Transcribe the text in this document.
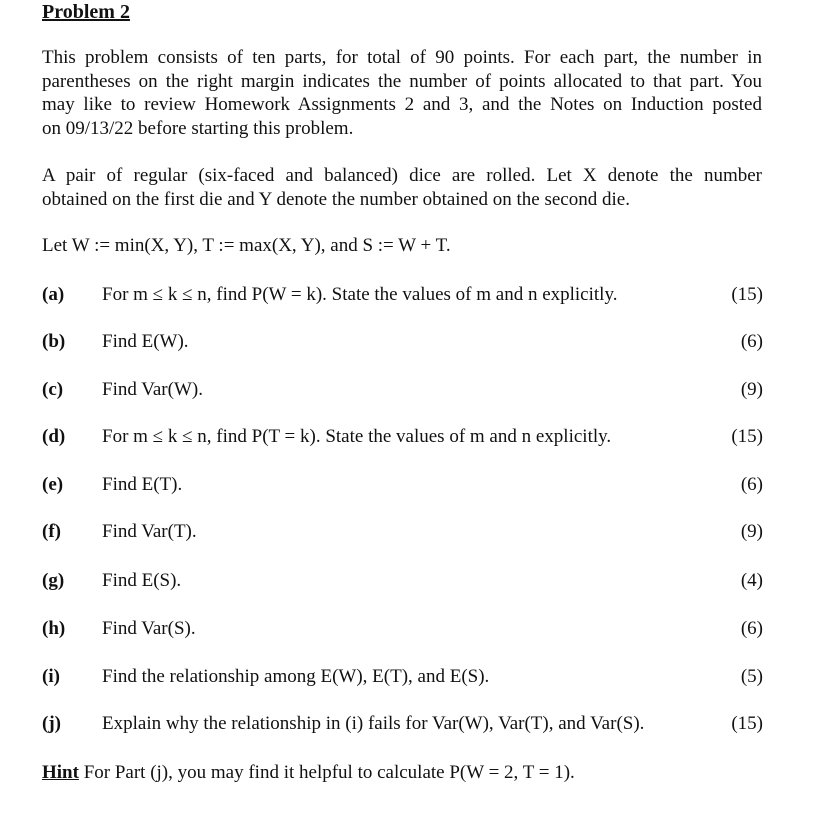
Problem 2
This problem consists of ten parts, for total of 90 points. For each part, the number in
parentheses on the right margin indicates the number of points allocated to that part. You
may like to review Homework Assignments 2 and 3, and the Notes on Induction posted
on 09/13/22 before starting this problem.
A pair of regular (six-faced and balanced) dice are rolled. Let X denote the number
obtained on the first die and Y denote the number obtained on the second die.
Let W := min(X, Y), T := max(X, Y), and S := W + T.
(a) For m ≤ k ≤ n, find P(W = k). State the values of m and n explicitly.	(15)
(b) Find E(W).	(6)
(c) Find Var(W).	(9)
(d) For m ≤ k ≤ n, find P(T = k). State the values of m and n explicitly.	(15)
(e) Find E(T).	(6)
(f) Find Var(T).	(9)
(g) Find E(S).	(4)
(h) Find Var(S).	(6)
(i) Find the relationship among E(W), E(T), and E(S).	(5)
(j) Explain why the relationship in (i) fails for Var(W), Var(T), and Var(S).	(15)
Hint For Part (j), you may find it helpful to calculate P(W = 2, T = 1).
